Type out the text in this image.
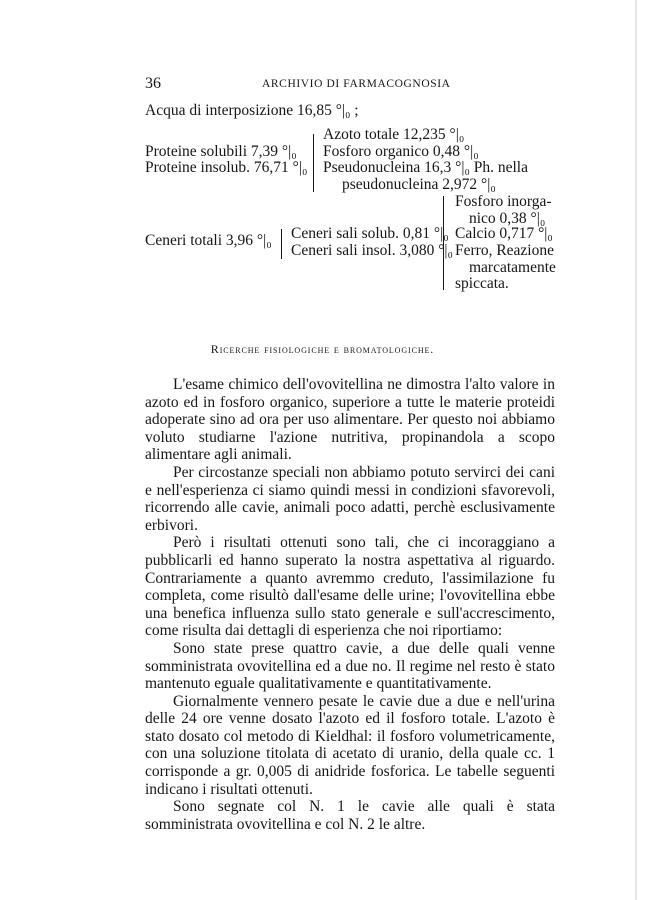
36	ARCHIVIO DI FARMACOGNOSIA
Acqua di interposizione 16,85 °|₀ ;
Azoto totale 12,235 °|₀
Proteine solubili 7,39 °|₀ Fosforo organico 0,48 °|₀
Proteine insolub. 76,71 °|₀ Pseudonucleina 16,3 °|₀ Ph. nella
pseudonucleina 2,972 °|₀
Fosforo inorga-
nico 0,38 °|₀
Ceneri totali 3,96 °|₀ Ceneri sali solub. 0,81 °|₀ Calcio 0,717 °|₀
Ceneri sali insol. 3,080 °|₀ Ferro, Reazione
marcatamente
spiccata.
Ricerche fisiologiche e bromatologiche.

L'esame chimico dell'ovovitellina ne dimostra l'alto valore in azoto ed in fosforo organico, superiore a tutte le materie proteidi adoperate sino ad ora per uso alimentare. Per questo noi abbiamo voluto studiarne l'azione nutritiva, propinandola a scopo alimentare agli animali.

Per circostanze speciali non abbiamo potuto servirci dei cani e nell'esperienza ci siamo quindi messi in condizioni sfavorevoli, ricorrendo alle cavie, animali poco adatti, perchè esclusivamente erbivori.

Però i risultati ottenuti sono tali, che ci incoraggiano a pubblicarli ed hanno superato la nostra aspettativa al riguardo. Contrariamente a quanto avremmo creduto, l'assimilazione fu completa, come risultò dall'esame delle urine; l'ovovitellina ebbe una benefica influenza sullo stato generale e sull'accrescimento, come risulta dai dettagli di esperienza che noi riportiamo:

Sono state prese quattro cavie, a due delle quali venne somministrata ovovitellina ed a due no. Il regime nel resto è stato mantenuto eguale qualitativamente e quantitativamente.

Giornalmente vennero pesate le cavie due a due e nell'urina delle 24 ore venne dosato l'azoto ed il fosforo totale. L'azoto è stato dosato col metodo di Kieldhal: il fosforo volumetricamente, con una soluzione titolata di acetato di uranio, della quale cc. 1 corrisponde a gr. 0,005 di anidride fosforica. Le tabelle seguenti indicano i risultati ottenuti.

Sono segnate col N. 1 le cavie alle quali è stata somministrata ovovitellina e col N. 2 le altre.
